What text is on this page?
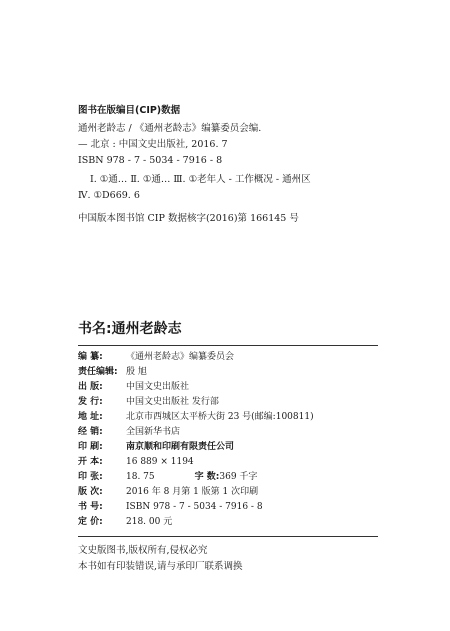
图书在版编目(CIP)数据
通州老龄志 / 《通州老龄志》编纂委员会编.
— 北京 : 中国文史出版社, 2016. 7
ISBN 978 - 7 - 5034 - 7916 - 8
Ⅰ. ①通… Ⅱ. ①通… Ⅲ. ①老年人 - 工作概况 - 通州区
Ⅳ. ①D669. 6
中国版本图书馆 CIP 数据核字(2016)第 166145 号
书名:通州老龄志
编 纂:	《通州老龄志》编纂委员会
责任编辑: 殷 旭
出 版:	中国文史出版社
发 行:	中国文史出版社 发行部
地 址:	北京市西城区太平桥大街 23 号(邮编:100811)
经 销:	全国新华书店
印 刷:	南京顺和印刷有限责任公司
开 本:	16 889 × 1194
印 张:	18. 75	字 数: 369 千字
版 次:	2016 年 8 月第 1 版第 1 次印刷
书 号:	ISBN 978 - 7 - 5034 - 7916 - 8
定 价:	218. 00 元
文史版图书,版权所有,侵权必究
本书如有印装错误,请与承印厂联系调换
